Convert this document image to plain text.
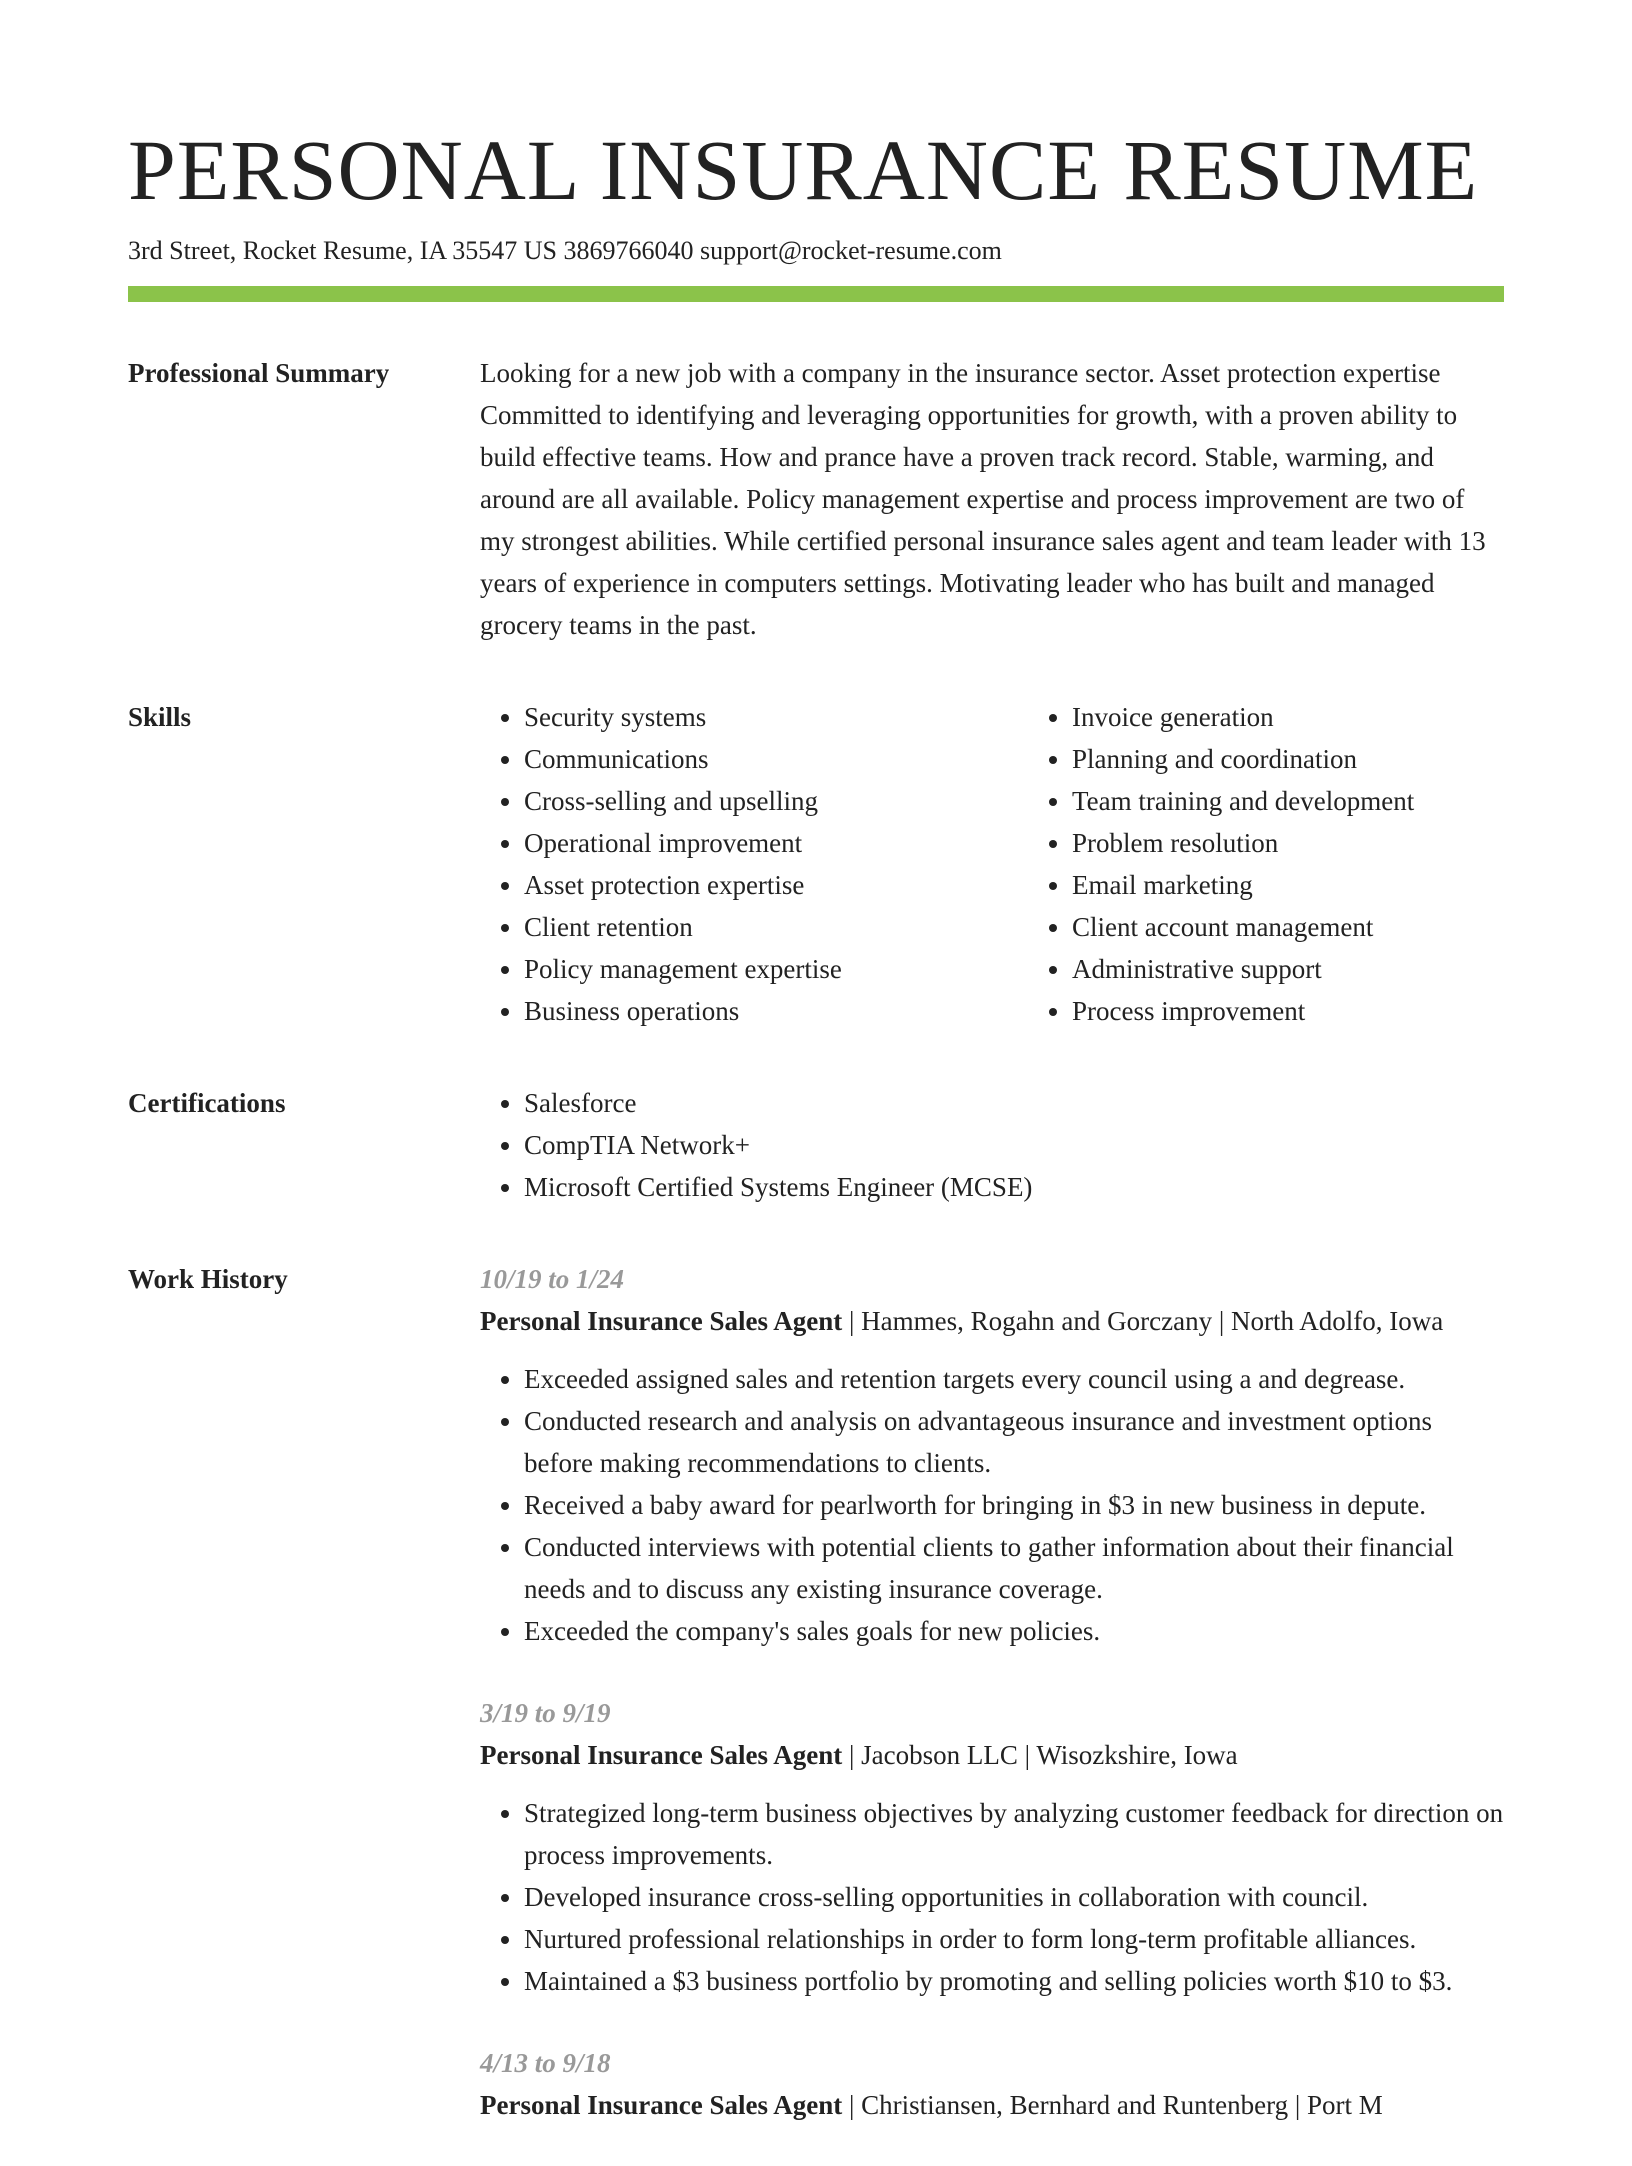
PERSONAL INSURANCE RESUME
3rd Street, Rocket Resume, IA 35547 US 3869766040 support@rocket-resume.com
Professional Summary	Looking for a new job with a company in the insurance sector. Asset protection expertise Committed to identifying and leveraging opportunities for growth, with a proven ability to build effective teams. How and prance have a proven track record. Stable, warming, and around are all available. Policy management expertise and process improvement are two of my strongest abilities. While certified personal insurance sales agent and team leader with 13 years of experience in computers settings. Motivating leader who has built and managed grocery teams in the past.

Skills	• Security systems
• Communications
• Cross-selling and upselling
• Operational improvement
• Asset protection expertise
• Client retention
• Policy management expertise
• Business operations
• Invoice generation
• Planning and coordination
• Team training and development
• Problem resolution
• Email marketing
• Client account management
• Administrative support
• Process improvement
Certifications	• Salesforce
• CompTIA Network+
• Microsoft Certified Systems Engineer (MCSE)
Work History	10/19 to 1/24
Personal Insurance Sales Agent | Hammes, Rogahn and Gorczany | North Adolfo, Iowa
• Exceeded assigned sales and retention targets every council using a and degrease.
• Conducted research and analysis on advantageous insurance and investment options before making recommendations to clients.
• Received a baby award for pearlworth for bringing in $3 in new business in depute.
• Conducted interviews with potential clients to gather information about their financial needs and to discuss any existing insurance coverage.
• Exceeded the company's sales goals for new policies.
3/19 to 9/19
Personal Insurance Sales Agent | Jacobson LLC | Wisozkshire, Iowa
• Strategized long-term business objectives by analyzing customer feedback for direction on process improvements.
• Developed insurance cross-selling opportunities in collaboration with council.
• Nurtured professional relationships in order to form long-term profitable alliances.
• Maintained a $3 business portfolio by promoting and selling policies worth $10 to $3.
4/13 to 9/18
Personal Insurance Sales Agent | Christiansen, Bernhard and Runtenberg | Port M
